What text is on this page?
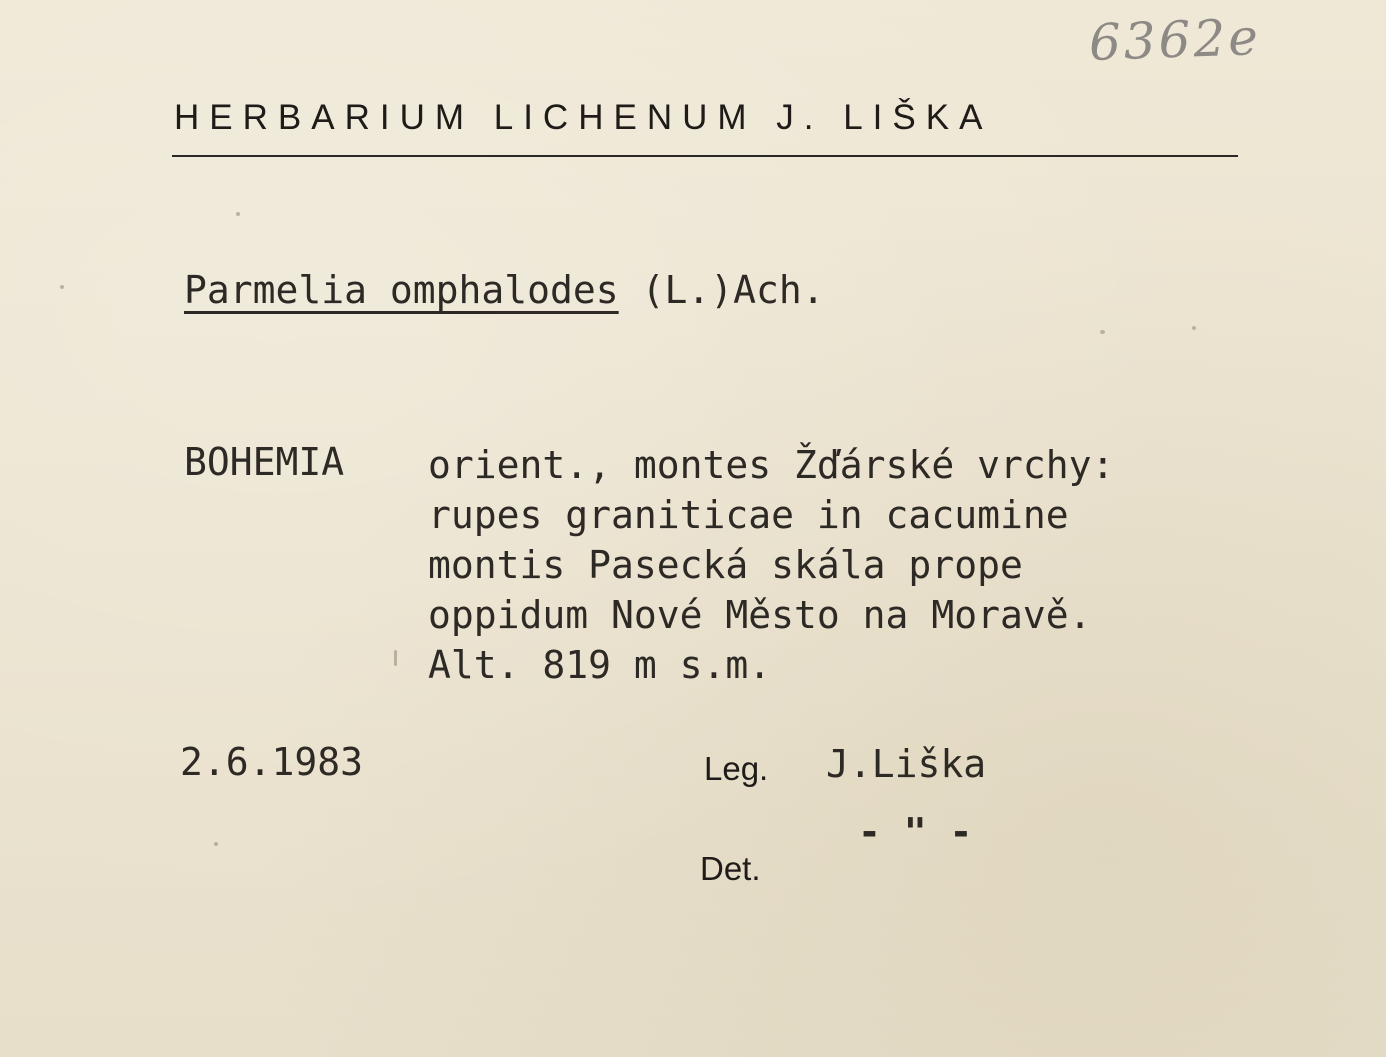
6362e
HERBARIUM LICHENUM J. LIŠKA
Parmelia omphalodes (L.)Ach.
BOHEMIA orient., montes Žďárské vrchy:
rupes graniticae in cacumine
montis Pasecká skála prope
oppidum Nové Město na Moravě.
Alt. 819 m s.m.
2.6.1983	Leg. J.Liška
- " -
Det.
